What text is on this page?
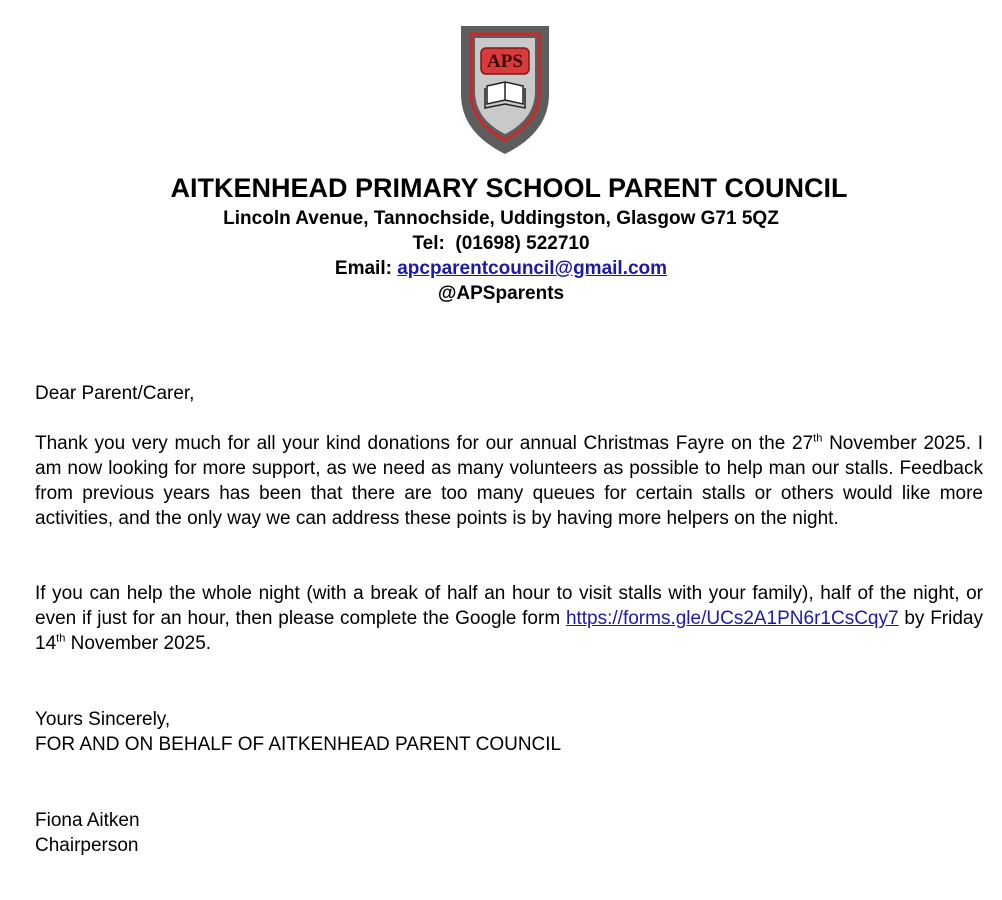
APS
AITKENHEAD PRIMARY SCHOOL PARENT COUNCIL
Lincoln Avenue, Tannochside, Uddingston, Glasgow G71 5QZ
Tel: (01698) 522710
Email: apcparentcouncil@gmail.com
@APSparents

Dear Parent/Carer,

Thank you very much for all your kind donations for our annual Christmas Fayre on the 27th November 2025. I am now looking for more support, as we need as many volunteers as possible to help man our stalls. Feedback from previous years has been that there are too many queues for certain stalls or others would like more activities, and the only way we can address these points is by having more helpers on the night.

If you can help the whole night (with a break of half an hour to visit stalls with your family), half of the night, or even if just for an hour, then please complete the Google form https://forms.gle/UCs2A1PN6r1CsCqy7 by Friday 14th November 2025.

Yours Sincerely,
FOR AND ON BEHALF OF AITKENHEAD PARENT COUNCIL

Fiona Aitken
Chairperson
